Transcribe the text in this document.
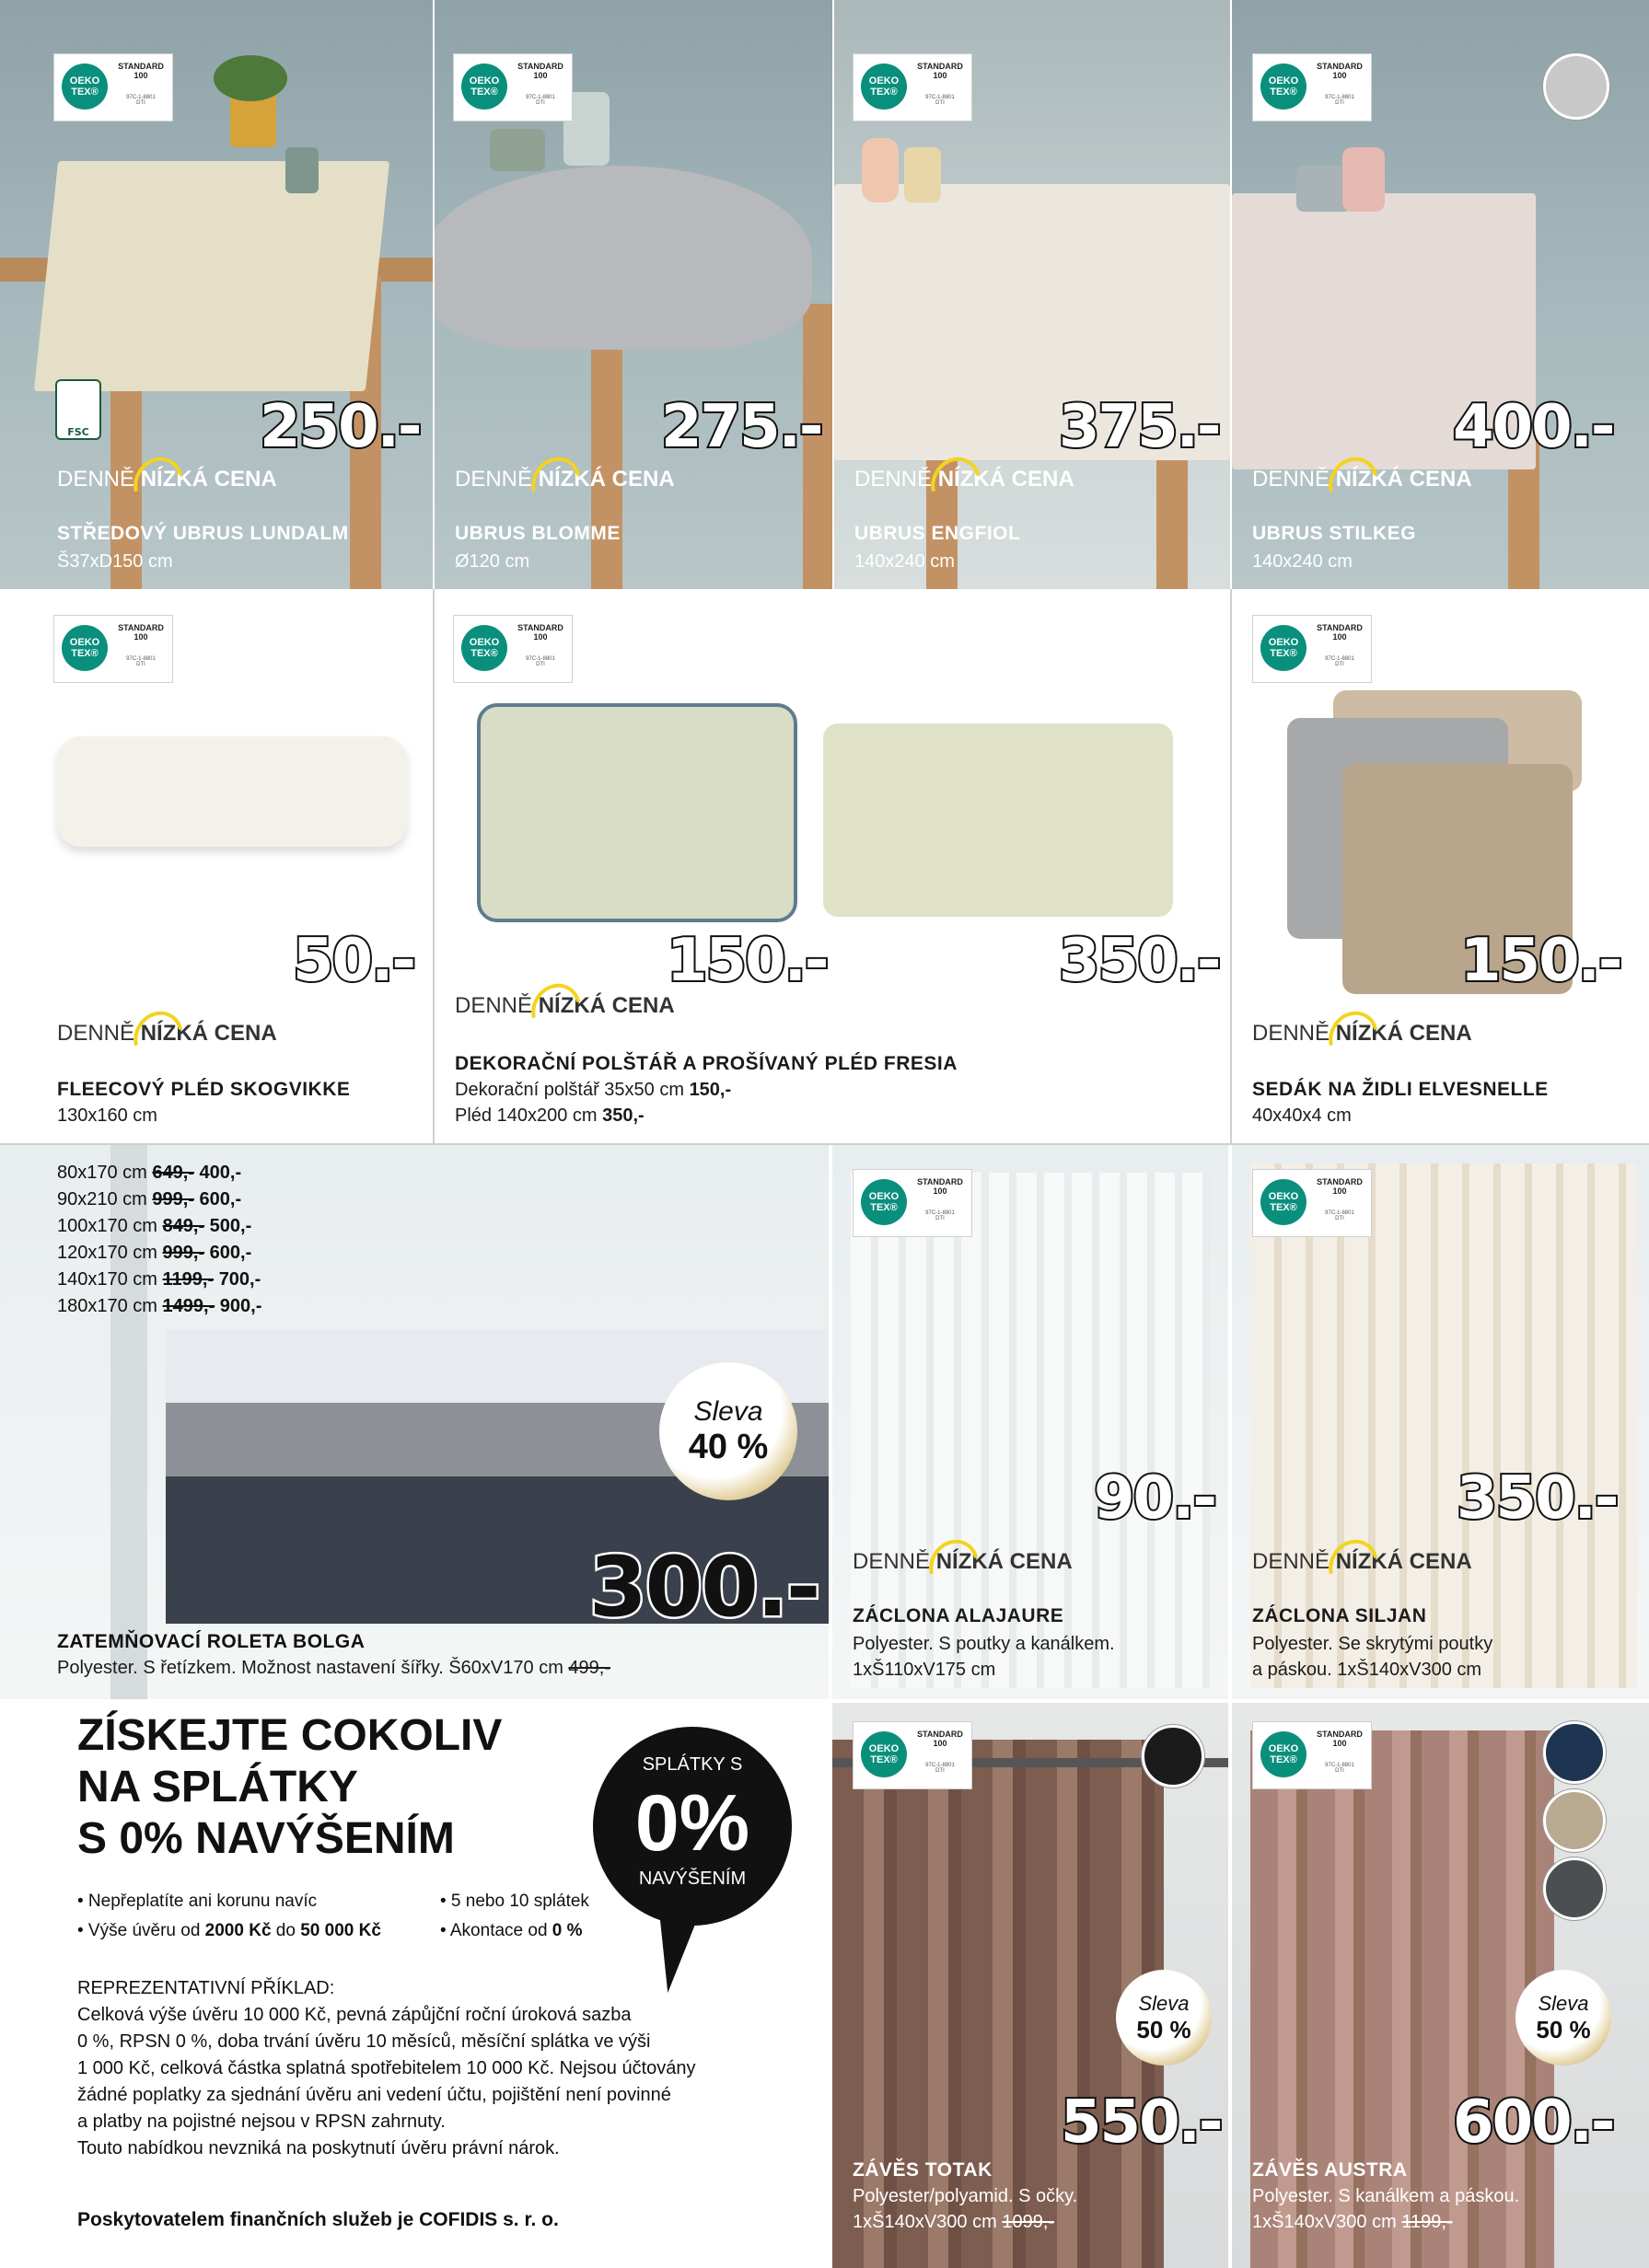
FSC
OEKO
TEX®
STANDARD
100
97C-1-8801
DTI
OEKO
TEX®
STANDARD
100
97C-1-8801
DTI
OEKO
TEX®
STANDARD
100
97C-1-8801
DTI
OEKO
TEX®
STANDARD
100
97C-1-8801
DTI
250.-	275.-	375.-	400.-
DENNĚ NÍZKÁ CENA	DENNĚ NÍZKÁ CENA	DENNĚ NÍZKÁ CENA	DENNĚ NÍZKÁ CENA
STŘEDOVÝ UBRUS LUNDALM
Š37xD150 cm
UBRUS BLOMME
Ø120 cm
UBRUS ENGFIOL
140x240 cm
UBRUS STILKEG
140x240 cm
OEKO
TEX®
STANDARD
100
97C-1-8801
DTI
OEKO
TEX®
STANDARD
100
97C-1-8801
DTI
OEKO
TEX®
STANDARD
100
97C-1-8801
DTI
50.-	150.-	350.-	150.-
DENNĚ NÍZKÁ CENA
DENNĚ NÍZKÁ CENA
DENNĚ NÍZKÁ CENA
FLEECOVÝ PLÉD SKOGVIKKE
130x160 cm
DEKORAČNÍ POLŠTÁŘ A PROŠÍVANÝ PLÉD FRESIA
Dekorační polštář 35x50 cm 150,-
Pléd 140x200 cm 350,-
SEDÁK NA ŽIDLI ELVESNELLE
40x40x4 cm
80x170 cm 649,- 400,-
90x210 cm 999,- 600,-
100x170 cm 849,- 500,-
120x170 cm 999,- 600,-
140x170 cm 1199,- 700,-
180x170 cm 1499,- 900,-
Sleva
40 %
300.-
ZATEMŇOVACÍ ROLETA BOLGA
Polyester. S řetízkem. Možnost nastavení šířky. Š60xV170 cm 499,-
OEKO
TEX®
STANDARD
100
97C-1-8801
DTI
OEKO
TEX®
STANDARD
100
97C-1-8801
DTI
90.-	350.-
DENNĚ NÍZKÁ CENA	DENNĚ NÍZKÁ CENA
ZÁCLONA ALAJAURE
Polyester. S poutky a kanálkem.
1xŠ110xV175 cm
ZÁCLONA SILJAN
Polyester. Se skrytými poutky
a páskou. 1xŠ140xV300 cm
ZÍSKEJTE COKOLIV
NA SPLÁTKY
S 0% NAVÝŠENÍM
SPLÁTKY S
0%
NAVÝŠENÍM
• Nepřeplatíte ani korunu navíc
• Výše úvěru od 2000 Kč do 50 000 Kč
• 5 nebo 10 splátek
• Akontace od 0 %
REPREZENTATIVNÍ PŘÍKLAD:
Celková výše úvěru 10 000 Kč, pevná zápůjční roční úroková sazba
0 %, RPSN 0 %, doba trvání úvěru 10 měsíců, měsíční splátka ve výši
1 000 Kč, celková částka splatná spotřebitelem 10 000 Kč. Nejsou účtovány
žádné poplatky za sjednání úvěru ani vedení účtu, pojištění není povinné
a platby na pojistné nejsou v RPSN zahrnuty.
Touto nabídkou nevzniká na poskytnutí úvěru právní nárok.
Poskytovatelem finančních služeb je COFIDIS s. r. o.
OEKO
TEX®
STANDARD
100
97C-1-8801
DTI
OEKO
TEX®
STANDARD
100
97C-1-8801
DTI
Sleva
50 %
Sleva
50 %
550.-	600.-
ZÁVĚS TOTAK
Polyester/polyamid. S očky.
1xŠ140xV300 cm 1099,-
ZÁVĚS AUSTRA
Polyester. S kanálkem a páskou.
1xŠ140xV300 cm 1199,-
